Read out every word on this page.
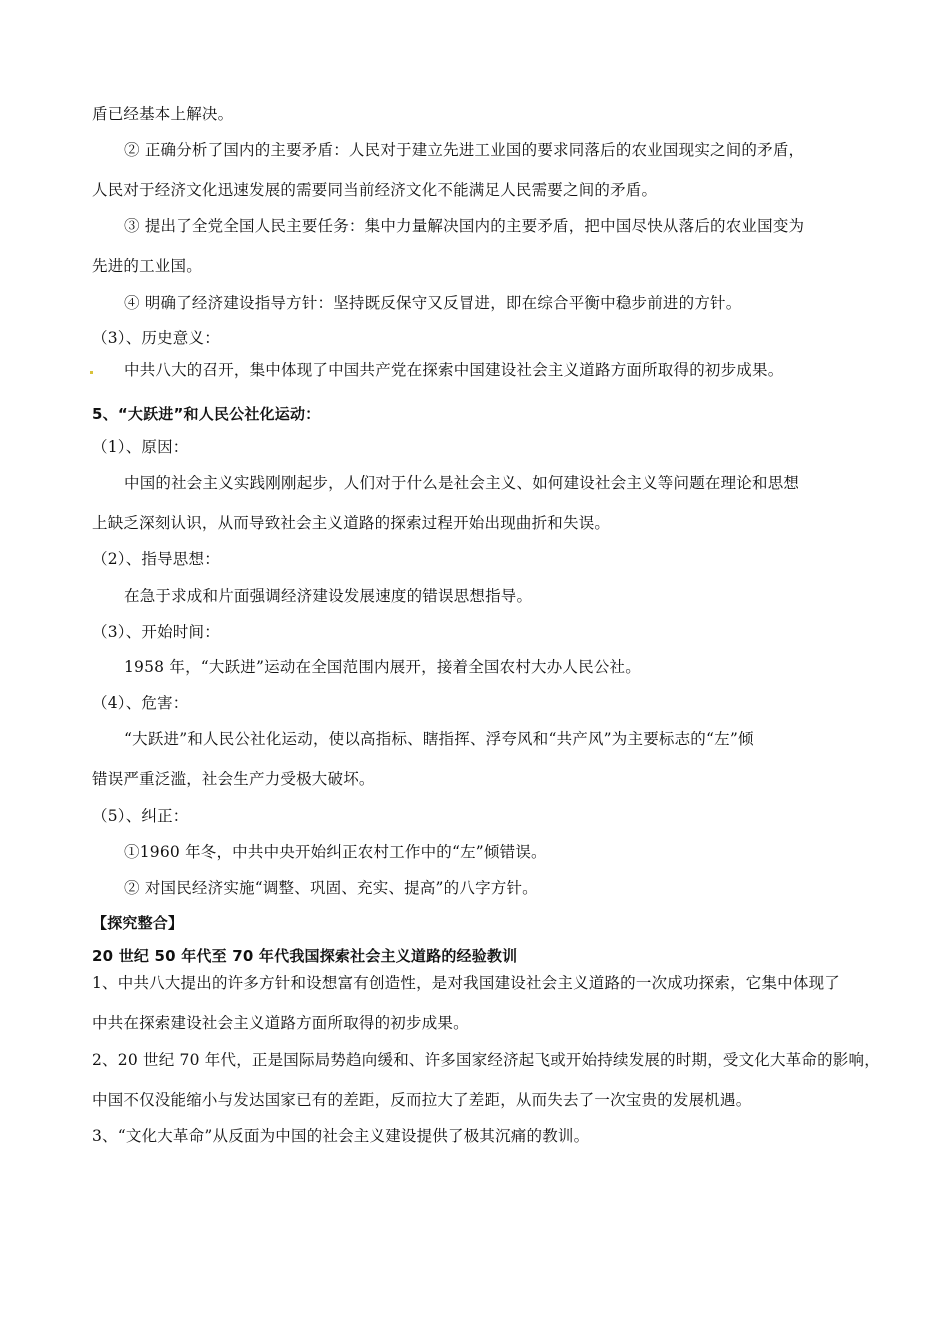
盾已经基本上解决。
② 正确分析了国内的主要矛盾：人民对于建立先进工业国的要求同落后的农业国现实之间的矛盾，
人民对于经济文化迅速发展的需要同当前经济文化不能满足人民需要之间的矛盾。
③ 提出了全党全国人民主要任务：集中力量解决国内的主要矛盾，把中国尽快从落后的农业国变为
先进的工业国。
④ 明确了经济建设指导方针：坚持既反保守又反冒进，即在综合平衡中稳步前进的方针。
（3）、历史意义：
中共八大的召开，集中体现了中国共产党在探索中国建设社会主义道路方面所取得的初步成果。
5、“大跃进”和人民公社化运动：
（1）、原因：
中国的社会主义实践刚刚起步，人们对于什么是社会主义、如何建设社会主义等问题在理论和思想
上缺乏深刻认识，从而导致社会主义道路的探索过程开始出现曲折和失误。
（2）、指导思想：
在急于求成和片面强调经济建设发展速度的错误思想指导。
（3）、开始时间：
1958 年，“大跃进”运动在全国范围内展开，接着全国农村大办人民公社。
（4）、危害：
“大跃进”和人民公社化运动，使以高指标、瞎指挥、浮夸风和“共产风”为主要标志的“左”倾
错误严重泛滥，社会生产力受极大破坏。
（5）、纠正：
①1960 年冬，中共中央开始纠正农村工作中的“左”倾错误。
② 对国民经济实施“调整、巩固、充实、提高”的八字方针。
【探究整合】
20 世纪 50 年代至 70 年代我国探索社会主义道路的经验教训
1、中共八大提出的许多方针和设想富有创造性，是对我国建设社会主义道路的一次成功探索，它集中体现了
中共在探索建设社会主义道路方面所取得的初步成果。
2、20 世纪 70 年代，正是国际局势趋向缓和、许多国家经济起飞或开始持续发展的时期，受文化大革命的影响，
中国不仅没能缩小与发达国家已有的差距，反而拉大了差距，从而失去了一次宝贵的发展机遇。
3、“文化大革命”从反面为中国的社会主义建设提供了极其沉痛的教训。
